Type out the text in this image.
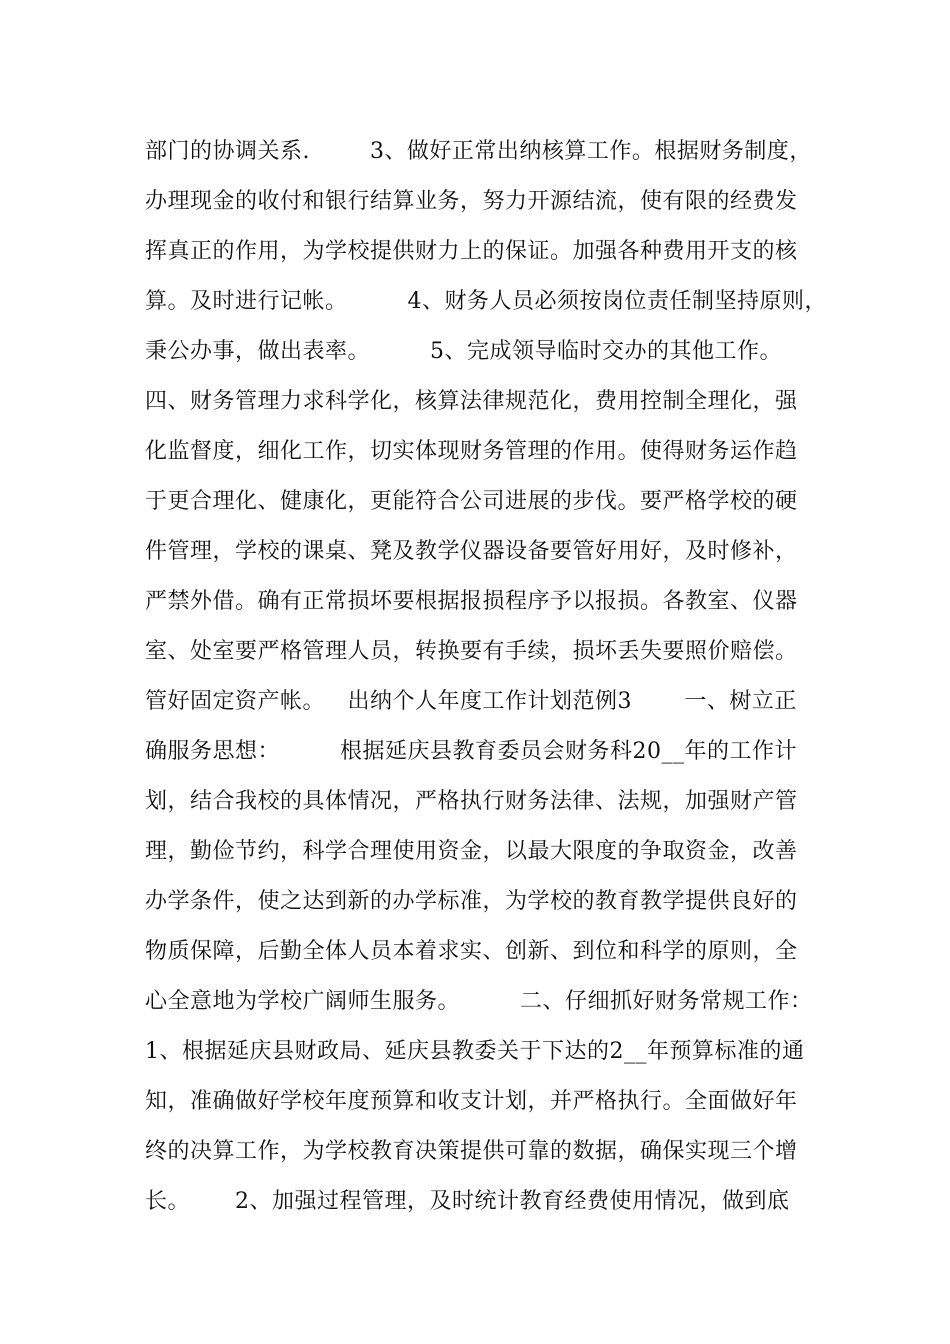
部门的协调关系.        3、做好正常出纳核算工作。根据财务制度，
办理现金的收付和银行结算业务，努力开源结流，使有限的经费发
挥真正的作用，为学校提供财力上的保证。加强各种费用开支的核
算。及时进行记帐。        4、财务人员必须按岗位责任制坚持原则，
秉公办事，做出表率。        5、完成领导临时交办的其他工作。
四、财务管理力求科学化，核算法律规范化，费用控制全理化，强
化监督度，细化工作，切实体现财务管理的作用。使得财务运作趋
于更合理化、健康化，更能符合公司进展的步伐。要严格学校的硬
件管理，学校的课桌、凳及教学仪器设备要管好用好，及时修补，
严禁外借。确有正常损坏要根据报损程序予以报损。各教室、仪器
室、处室要严格管理人员，转换要有手续，损坏丢失要照价赔偿。
管好固定资产帐。   出纳个人年度工作计划范例3       一、树立正
确服务思想：        根据延庆县教育委员会财务科20__年的工作计
划，结合我校的具体情况，严格执行财务法律、法规，加强财产管
理，勤俭节约，科学合理使用资金，以最大限度的争取资金，改善
办学条件，使之达到新的办学标准，为学校的教育教学提供良好的
物质保障，后勤全体人员本着求实、创新、到位和科学的原则，全
心全意地为学校广阔师生服务。        二、仔细抓好财务常规工作：
1、根据延庆县财政局、延庆县教委关于下达的2__年预算标准的通
知，准确做好学校年度预算和收支计划，并严格执行。全面做好年
终的决算工作，为学校教育决策提供可靠的数据，确保实现三个增
长。      2、加强过程管理，及时统计教育经费使用情况，做到底
